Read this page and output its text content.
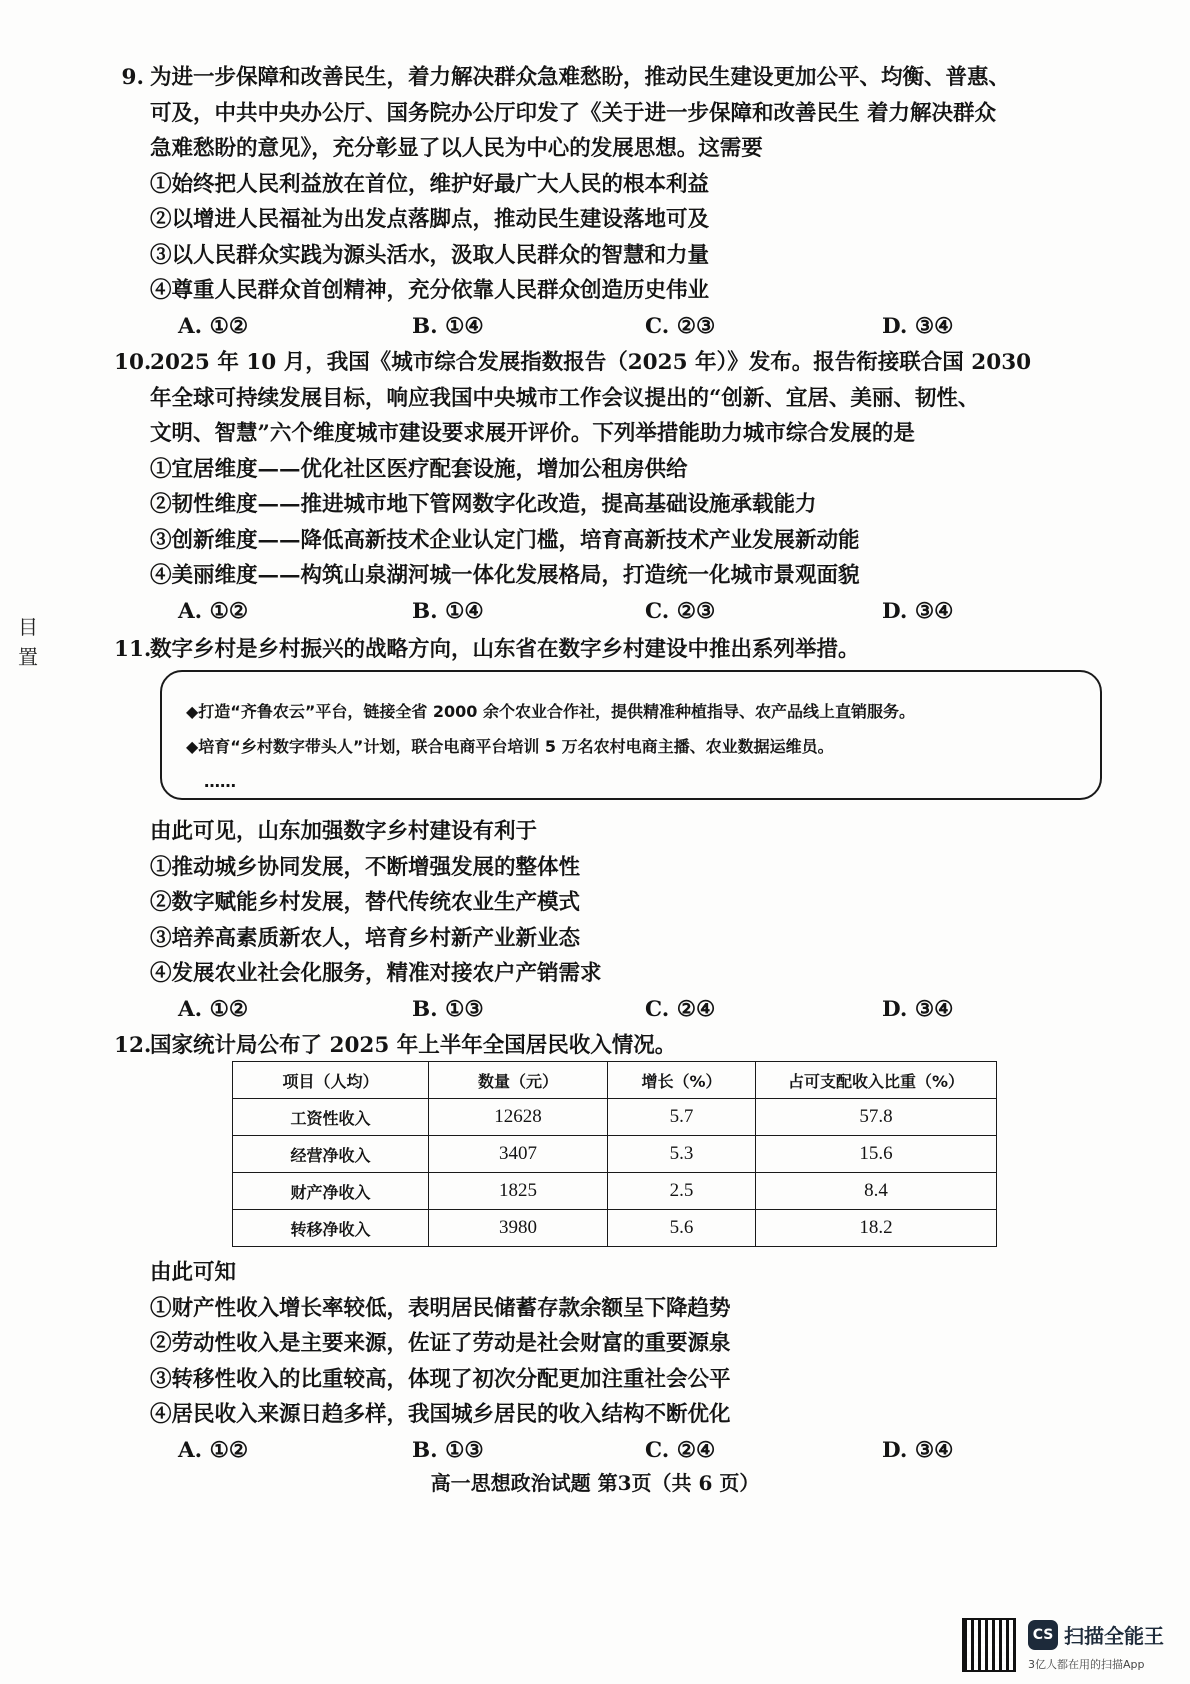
目 置
9. 为进一步保障和改善民生，着力解决群众急难愁盼，推动民生建设更加公平、均衡、普惠、
可及，中共中央办公厅、国务院办公厅印发了《关于进一步保障和改善民生 着力解决群众
急难愁盼的意见》，充分彰显了以人民为中心的发展思想。这需要
①始终把人民利益放在首位，维护好最广大人民的根本利益
②以增进人民福祉为出发点落脚点，推动民生建设落地可及
③以人民群众实践为源头活水，汲取人民群众的智慧和力量
④尊重人民群众首创精神，充分依靠人民群众创造历史伟业
A. ①②	B. ①④	C. ②③	D. ③④
10.2025 年 10 月，我国《城市综合发展指数报告（2025 年）》发布。报告衔接联合国 2030
年全球可持续发展目标，响应我国中央城市工作会议提出的“创新、宜居、美丽、韧性、
文明、智慧”六个维度城市建设要求展开评价。下列举措能助力城市综合发展的是
①宜居维度——优化社区医疗配套设施，增加公租房供给
②韧性维度——推进城市地下管网数字化改造，提高基础设施承载能力
③创新维度——降低高新技术企业认定门槛，培育高新技术产业发展新动能
④美丽维度——构筑山泉湖河城一体化发展格局，打造统一化城市景观面貌
A. ①②	B. ①④	C. ②③	D. ③④
11.数字乡村是乡村振兴的战略方向，山东省在数字乡村建设中推出系列举措。
◆打造“齐鲁农云”平台，链接全省 2000 余个农业合作社，提供精准种植指导、农产品线上直销服务。
◆培育“乡村数字带头人”计划，联合电商平台培训 5 万名农村电商主播、农业数据运维员。
……
由此可见，山东加强数字乡村建设有利于
①推动城乡协同发展，不断增强发展的整体性
②数字赋能乡村发展，替代传统农业生产模式
③培养高素质新农人，培育乡村新产业新业态
④发展农业社会化服务，精准对接农户产销需求
A. ①②	B. ①③	C. ②④	D. ③④
12.国家统计局公布了 2025 年上半年全国居民收入情况。
项目（人均）	数量（元）	增长（%）	占可支配收入比重（%）
工资性收入	12628	5.7	57.8
经营净收入	3407	5.3	15.6
财产净收入	1825	2.5	8.4
转移净收入	3980	5.6	18.2
由此可知
①财产性收入增长率较低，表明居民储蓄存款余额呈下降趋势
②劳动性收入是主要来源，佐证了劳动是社会财富的重要源泉
③转移性收入的比重较高，体现了初次分配更加注重社会公平
④居民收入来源日趋多样，我国城乡居民的收入结构不断优化
A. ①②	B. ①③	C. ②④	D. ③④
高一思想政治试题 第3页（共 6 页）
CS 扫描全能王
3亿人都在用的扫描App
